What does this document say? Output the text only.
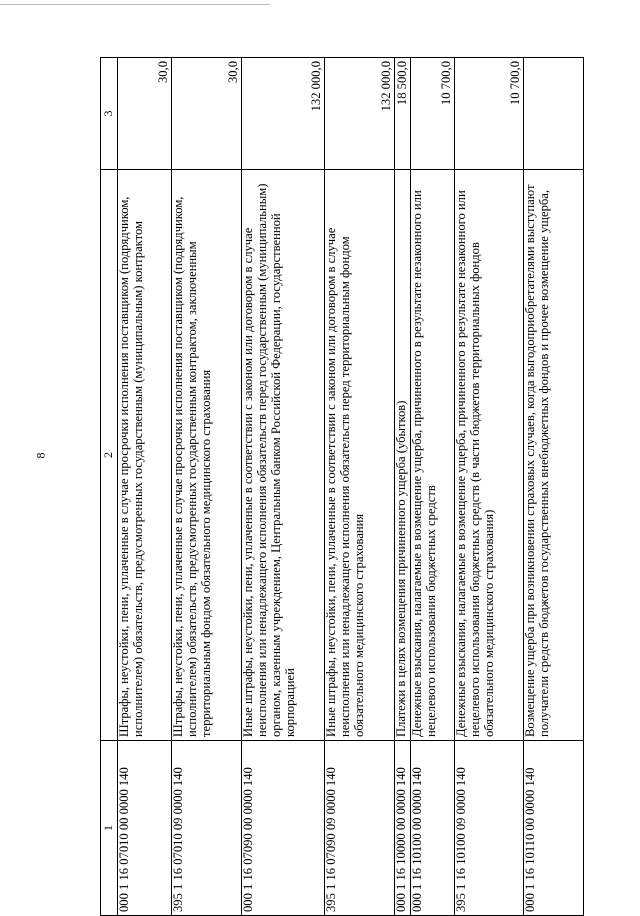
8
1	2	3
000 1 16 07010 00 0000 140	Штрафы, неустойки, пени, уплаченные в случае просрочки исполнения поставщиком (подрядчиком, исполнителем) обязательств, предусмотренных государственным (муниципальным) контрактом	30,0
395 1 16 07010 09 0000 140	Штрафы, неустойки, пени, уплаченные в случае просрочки исполнения поставщиком (подрядчиком, исполнителем) обязательств, предусмотренных государственным контрактом, заключенным территориальным фондом обязательного медицинского страхования	30,0
000 1 16 07090 00 0000 140	Иные штрафы, неустойки, пени, уплаченные в соответствии с законом или договором в случае неисполнения или ненадлежащего исполнения обязательств перед государственным (муниципальным) органом, казенным учреждением, Центральным банком Российской Федерации, государственной корпорацией	132 000,0
395 1 16 07090 09 0000 140	Иные штрафы, неустойки, пени, уплаченные в соответствии с законом или договором в случае неисполнения или ненадлежащего исполнения обязательств перед территориальным фондом обязательного медицинского страхования	132 000,0
000 1 16 10000 00 0000 140	Платежи в целях возмещения причиненного ущерба (убытков)	18 500,0
000 1 16 10100 00 0000 140	Денежные взыскания, налагаемые в возмещение ущерба, причиненного в результате незаконного или нецелевого использования бюджетных средств	10 700,0
395 1 16 10100 09 0000 140	Денежные взыскания, налагаемые в возмещение ущерба, причиненного в результате незаконного или нецелевого использования бюджетных средств (в части бюджетов территориальных фондов обязательного медицинского страхования)	10 700,0
000 1 16 10110 00 0000 140	Возмещение ущерба при возникновении страховых случаев, когда выгодоприобретателями выступают получатели средств бюджетов государственных внебюджетных фондов и прочее возмещение ущерба,	
